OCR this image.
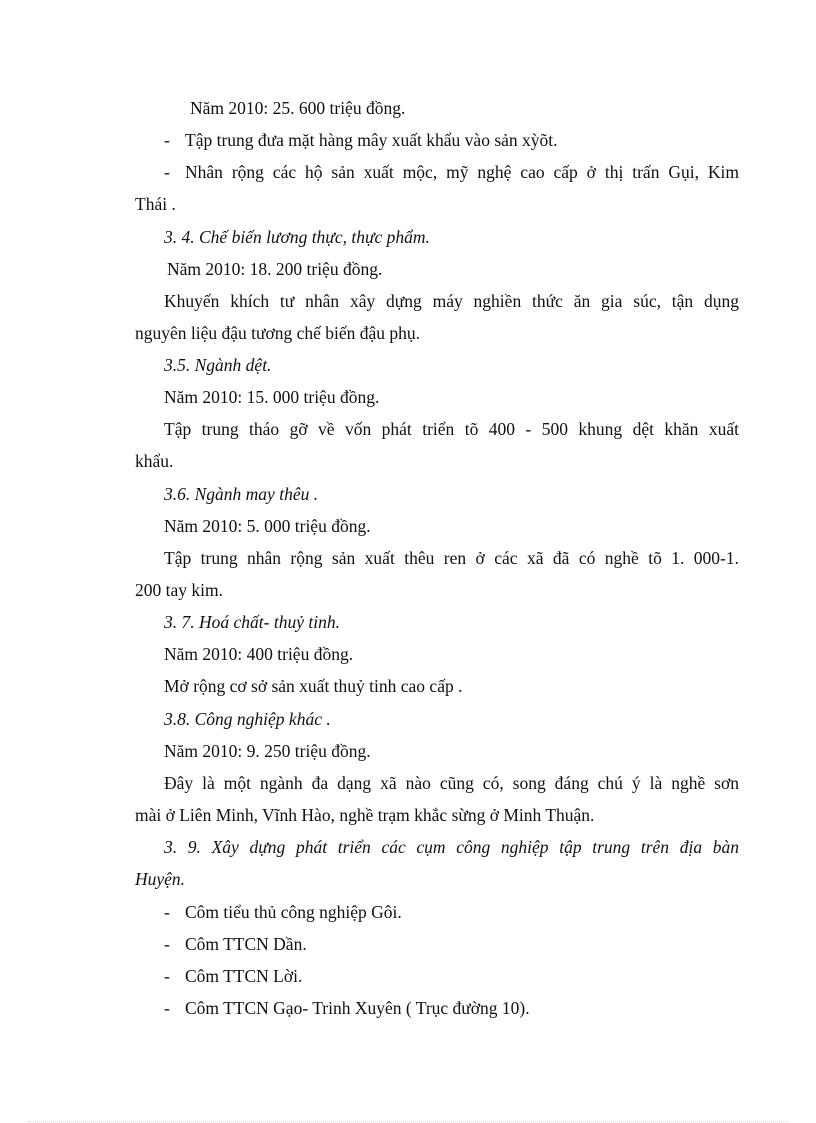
Năm 2010: 25. 600 triệu đồng.
- Tập trung đưa mặt hàng mây xuất khẩu vào sản xỳõt.
- Nhân rộng các hộ sản xuất mộc, mỹ nghệ cao cấp ở thị trấn Gụi, Kim
Thái .
3. 4. Chế biến lương thực, thực phẩm.
Năm 2010: 18. 200 triệu đồng.
Khuyến khích tư nhân xây dựng máy nghiền thức ăn gia súc, tận dụng
nguyên liệu đậu tương chế biến đậu phụ.
3.5. Ngành dệt.
Năm 2010: 15. 000 triệu đồng.
Tập trung tháo gỡ về vốn phát triển tõ 400 - 500 khung dệt khăn xuất
khẩu.
3.6. Ngành may thêu .
Năm 2010: 5. 000 triệu đồng.
Tập trung nhân rộng sản xuất thêu ren ở các xã đã có nghề tõ 1. 000-1.
200 tay kim.
3. 7. Hoá chất- thuỷ tinh.
Năm 2010: 400 triệu đồng.
Mở rộng cơ sở sản xuất thuỷ tinh cao cấp .
3.8. Công nghiệp khác .
Năm 2010: 9. 250 triệu đồng.
Đây là một ngành đa dạng xã nào cũng có, song đáng chú ý là nghề sơn
mài ở Liên Minh, Vĩnh Hào, nghề trạm khắc sừng ở Minh Thuận.
3. 9. Xây dựng phát triển các cụm công nghiệp tập trung trên địa bàn
Huyện.
- Côm tiểu thủ công nghiệp Gôi.
- Côm TTCN Dần.
- Côm TTCN Lời.
- Côm TTCN Gạo- Trinh Xuyên ( Trục đường 10).
